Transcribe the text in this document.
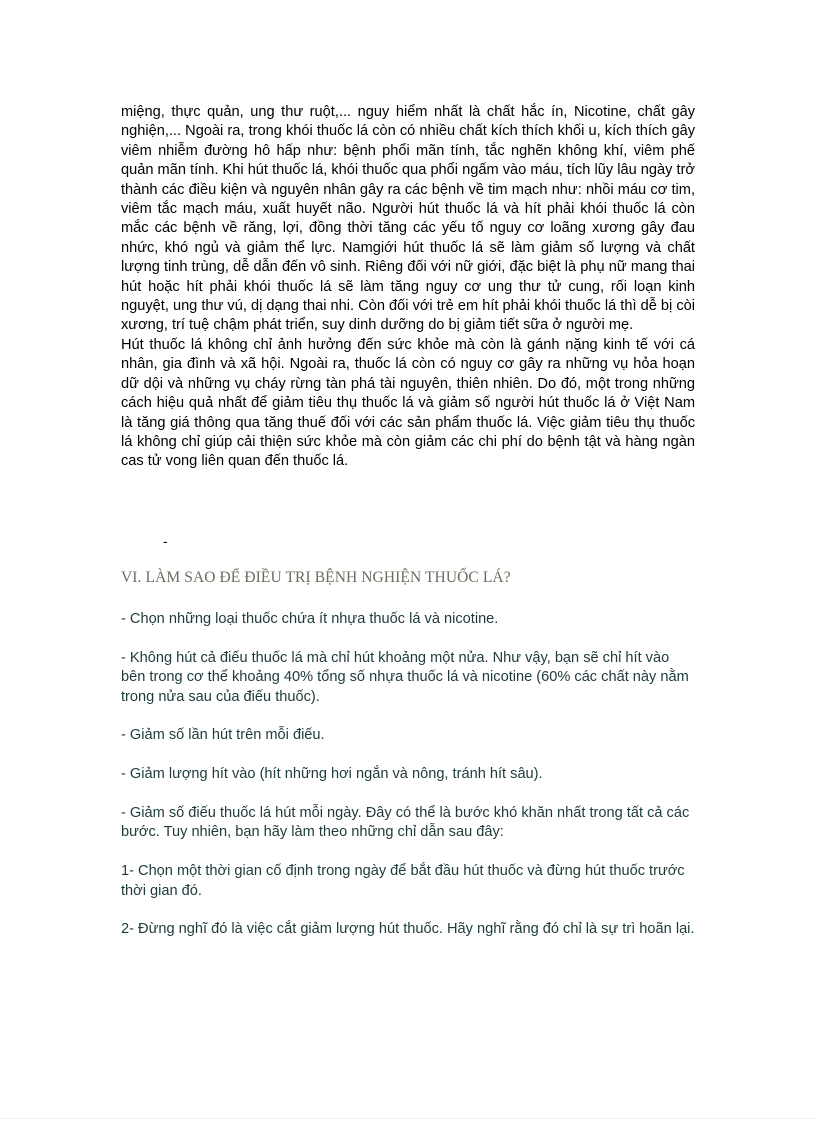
miệng, thực quản, ung thư ruột,... nguy hiểm nhất là chất hắc ín, Nicotine, chất gây nghiện,... Ngoài ra, trong khói thuốc lá còn có nhiều chất kích thích khối u, kích thích gây viêm nhiễm đường hô hấp như: bệnh phổi mãn tính, tắc nghẽn không khí, viêm phế quản mãn tính. Khi hút thuốc lá, khói thuốc qua phổi ngấm vào máu, tích lũy lâu ngày trở thành các điều kiện và nguyên nhân gây ra các bệnh về tim mạch như: nhồi máu cơ tim, viêm tắc mạch máu, xuất huyết não. Người hút thuốc lá và hít phải khói thuốc lá còn mắc các bệnh về răng, lợi, đồng thời tăng các yếu tố nguy cơ loãng xương gây đau nhức, khó ngủ và giảm thể lực. Namgiới hút thuốc lá sẽ làm giảm số lượng và chất lượng tinh trùng, dễ dẫn đến vô sinh. Riêng đối với nữ giới, đặc biệt là phụ nữ mang thai hút hoặc hít phải khói thuốc lá sẽ làm tăng nguy cơ ung thư tử cung, rối loạn kinh nguyệt, ung thư vú, dị dạng thai nhi. Còn đối với trẻ em hít phải khói thuốc lá thì dễ bị còi xương, trí tuệ chậm phát triển, suy dinh dưỡng do bị giảm tiết sữa ở người mẹ.

Hút thuốc lá không chỉ ảnh hưởng đến sức khỏe mà còn là gánh nặng kinh tế với cá nhân, gia đình và xã hội. Ngoài ra, thuốc lá còn có nguy cơ gây ra những vụ hỏa hoạn dữ dội và những vụ cháy rừng tàn phá tài nguyên, thiên nhiên. Do đó, một trong những cách hiệu quả nhất để giảm tiêu thụ thuốc lá và giảm số người hút thuốc lá ở Việt Nam là tăng giá thông qua tăng thuế đối với các sản phẩm thuốc lá. Việc giảm tiêu thụ thuốc lá không chỉ giúp cải thiện sức khỏe mà còn giảm các chi phí do bệnh tật và hàng ngàn cas tử vong liên quan đến thuốc lá.

-
VI. LÀM SAO ĐỂ ĐIỀU TRỊ BỆNH NGHIỆN THUỐC LÁ?

- Chọn những loại thuốc chứa ít nhựa thuốc lá và nicotine.

- Không hút cả điếu thuốc lá mà chỉ hút khoảng một nửa. Như vậy, bạn sẽ chỉ hít vào bên trong cơ thể khoảng 40% tổng số nhựa thuốc lá và nicotine (60% các chất này nằm trong nửa sau của điếu thuốc).

- Giảm số lần hút trên mỗi điếu.

- Giảm lượng hít vào (hít những hơi ngắn và nông, tránh hít sâu).

- Giảm số điếu thuốc lá hút mỗi ngày. Đây có thể là bước khó khăn nhất trong tất cả các bước. Tuy nhiên, bạn hãy làm theo những chỉ dẫn sau đây:

1- Chọn một thời gian cố định trong ngày để bắt đầu hút thuốc và đừng hút thuốc trước thời gian đó.

2- Đừng nghĩ đó là việc cắt giảm lượng hút thuốc. Hãy nghĩ rằng đó chỉ là sự trì hoãn lại.
